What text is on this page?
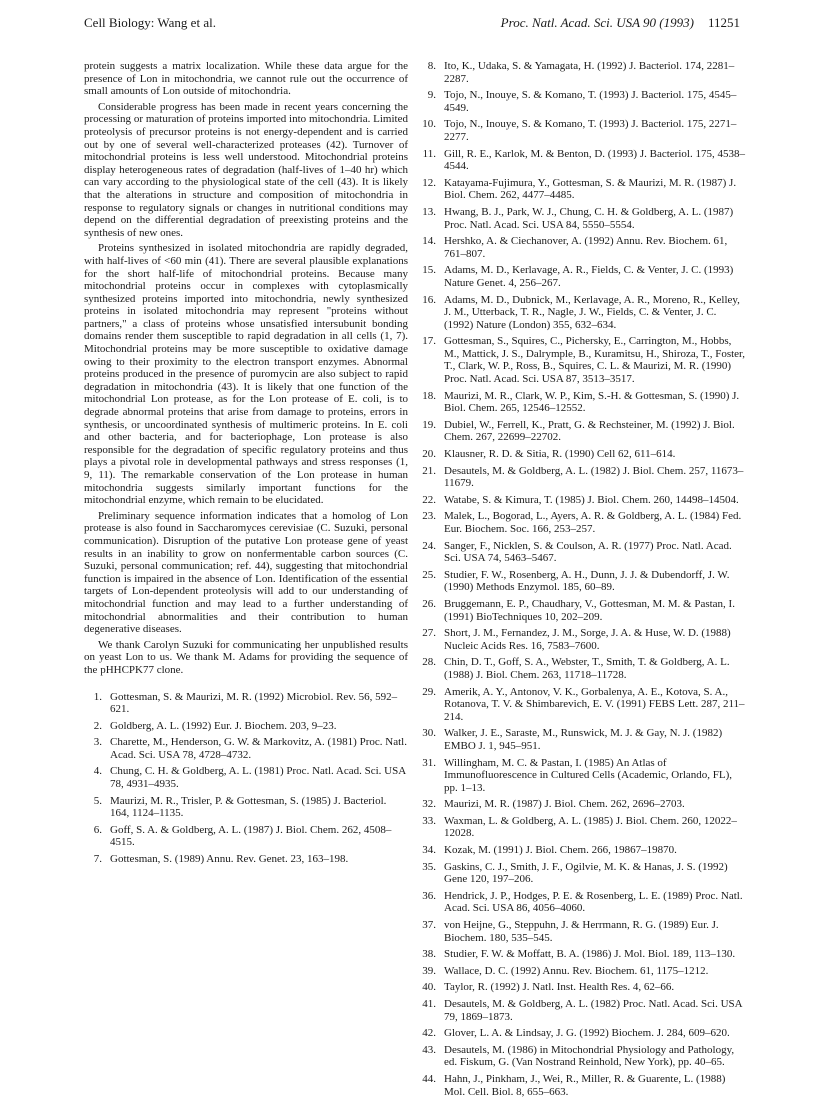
Cell Biology: Wang et al.	Proc. Natl. Acad. Sci. USA 90 (1993) 11251

protein suggests a matrix localization. While these data argue for the presence of Lon in mitochondria, we cannot rule out the occurrence of small amounts of Lon outside of mitochondria.

Considerable progress has been made in recent years concerning the processing or maturation of proteins imported into mitochondria. Limited proteolysis of precursor proteins is not energy-dependent and is carried out by one of several well-characterized proteases (42). Turnover of mitochondrial proteins is less well understood. Mitochondrial proteins display heterogeneous rates of degradation (half-lives of 1–40 hr) which can vary according to the physiological state of the cell (43). It is likely that the alterations in structure and composition of mitochondria in response to regulatory signals or changes in nutritional conditions may depend on the differential degradation of preexisting proteins and the synthesis of new ones.

Proteins synthesized in isolated mitochondria are rapidly degraded, with half-lives of <60 min (41). There are several plausible explanations for the short half-life of mitochondrial proteins. Because many mitochondrial proteins occur in complexes with cytoplasmically synthesized proteins imported into mitochondria, newly synthesized proteins in isolated mitochondria may represent "proteins without partners," a class of proteins whose unsatisfied intersubunit bonding domains render them susceptible to rapid degradation in all cells (1, 7). Mitochondrial proteins may be more susceptible to oxidative damage owing to their proximity to the electron transport enzymes. Abnormal proteins produced in the presence of puromycin are also subject to rapid degradation in mitochondria (43). It is likely that one function of the mitochondrial Lon protease, as for the Lon protease of E. coli, is to degrade abnormal proteins that arise from damage to proteins, errors in synthesis, or uncoordinated synthesis of multimeric proteins. In E. coli and other bacteria, and for bacteriophage, Lon protease is also responsible for the degradation of specific regulatory proteins and thus plays a pivotal role in developmental pathways and stress responses (1, 9, 11). The remarkable conservation of the Lon protease in human mitochondria suggests similarly important functions for the mitochondrial enzyme, which remain to be elucidated.

Preliminary sequence information indicates that a homolog of Lon protease is also found in Saccharomyces cerevisiae (C. Suzuki, personal communication). Disruption of the putative Lon protease gene of yeast results in an inability to grow on nonfermentable carbon sources (C. Suzuki, personal communication; ref. 44), suggesting that mitochondrial function is impaired in the absence of Lon. Identification of the essential targets of Lon-dependent proteolysis will add to our understanding of mitochondrial function and may lead to a further understanding of mitochondrial abnormalities and their contribution to human degenerative diseases.

We thank Carolyn Suzuki for communicating her unpublished results on yeast Lon to us. We thank M. Adams for providing the sequence of the pHHCPK77 clone.

1. Gottesman, S. & Maurizi, M. R. (1992) Microbiol. Rev. 56, 592–621.
2. Goldberg, A. L. (1992) Eur. J. Biochem. 203, 9–23.
3. Charette, M., Henderson, G. W. & Markovitz, A. (1981) Proc. Natl. Acad. Sci. USA 78, 4728–4732.
4. Chung, C. H. & Goldberg, A. L. (1981) Proc. Natl. Acad. Sci. USA 78, 4931–4935.
5. Maurizi, M. R., Trisler, P. & Gottesman, S. (1985) J. Bacteriol. 164, 1124–1135.
6. Goff, S. A. & Goldberg, A. L. (1987) J. Biol. Chem. 262, 4508–4515.
7. Gottesman, S. (1989) Annu. Rev. Genet. 23, 163–198.
8. Ito, K., Udaka, S. & Yamagata, H. (1992) J. Bacteriol. 174, 2281–2287.
9. Tojo, N., Inouye, S. & Komano, T. (1993) J. Bacteriol. 175, 4545–4549.
10. Tojo, N., Inouye, S. & Komano, T. (1993) J. Bacteriol. 175, 2271–2277.
11. Gill, R. E., Karlok, M. & Benton, D. (1993) J. Bacteriol. 175, 4538–4544.
12. Katayama-Fujimura, Y., Gottesman, S. & Maurizi, M. R. (1987) J. Biol. Chem. 262, 4477–4485.
13. Hwang, B. J., Park, W. J., Chung, C. H. & Goldberg, A. L. (1987) Proc. Natl. Acad. Sci. USA 84, 5550–5554.
14. Hershko, A. & Ciechanover, A. (1992) Annu. Rev. Biochem. 61, 761–807.
15. Adams, M. D., Kerlavage, A. R., Fields, C. & Venter, J. C. (1993) Nature Genet. 4, 256–267.
16. Adams, M. D., Dubnick, M., Kerlavage, A. R., Moreno, R., Kelley, J. M., Utterback, T. R., Nagle, J. W., Fields, C. & Venter, J. C. (1992) Nature (London) 355, 632–634.
17. Gottesman, S., Squires, C., Pichersky, E., Carrington, M., Hobbs, M., Mattick, J. S., Dalrymple, B., Kuramitsu, H., Shiroza, T., Foster, T., Clark, W. P., Ross, B., Squires, C. L. & Maurizi, M. R. (1990) Proc. Natl. Acad. Sci. USA 87, 3513–3517.
18. Maurizi, M. R., Clark, W. P., Kim, S.-H. & Gottesman, S. (1990) J. Biol. Chem. 265, 12546–12552.
19. Dubiel, W., Ferrell, K., Pratt, G. & Rechsteiner, M. (1992) J. Biol. Chem. 267, 22699–22702.
20. Klausner, R. D. & Sitia, R. (1990) Cell 62, 611–614.
21. Desautels, M. & Goldberg, A. L. (1982) J. Biol. Chem. 257, 11673–11679.
22. Watabe, S. & Kimura, T. (1985) J. Biol. Chem. 260, 14498–14504.
23. Malek, L., Bogorad, L., Ayers, A. R. & Goldberg, A. L. (1984) Fed. Eur. Biochem. Soc. 166, 253–257.
24. Sanger, F., Nicklen, S. & Coulson, A. R. (1977) Proc. Natl. Acad. Sci. USA 74, 5463–5467.
25. Studier, F. W., Rosenberg, A. H., Dunn, J. J. & Dubendorff, J. W. (1990) Methods Enzymol. 185, 60–89.
26. Bruggemann, E. P., Chaudhary, V., Gottesman, M. M. & Pastan, I. (1991) BioTechniques 10, 202–209.
27. Short, J. M., Fernandez, J. M., Sorge, J. A. & Huse, W. D. (1988) Nucleic Acids Res. 16, 7583–7600.
28. Chin, D. T., Goff, S. A., Webster, T., Smith, T. & Goldberg, A. L. (1988) J. Biol. Chem. 263, 11718–11728.
29. Amerik, A. Y., Antonov, V. K., Gorbalenya, A. E., Kotova, S. A., Rotanova, T. V. & Shimbarevich, E. V. (1991) FEBS Lett. 287, 211–214.
30. Walker, J. E., Saraste, M., Runswick, M. J. & Gay, N. J. (1982) EMBO J. 1, 945–951.
31. Willingham, M. C. & Pastan, I. (1985) An Atlas of Immunofluorescence in Cultured Cells (Academic, Orlando, FL), pp. 1–13.
32. Maurizi, M. R. (1987) J. Biol. Chem. 262, 2696–2703.
33. Waxman, L. & Goldberg, A. L. (1985) J. Biol. Chem. 260, 12022–12028.
34. Kozak, M. (1991) J. Biol. Chem. 266, 19867–19870.
35. Gaskins, C. J., Smith, J. F., Ogilvie, M. K. & Hanas, J. S. (1992) Gene 120, 197–206.
36. Hendrick, J. P., Hodges, P. E. & Rosenberg, L. E. (1989) Proc. Natl. Acad. Sci. USA 86, 4056–4060.
37. von Heijne, G., Steppuhn, J. & Herrmann, R. G. (1989) Eur. J. Biochem. 180, 535–545.
38. Studier, F. W. & Moffatt, B. A. (1986) J. Mol. Biol. 189, 113–130.
39. Wallace, D. C. (1992) Annu. Rev. Biochem. 61, 1175–1212.
40. Taylor, R. (1992) J. Natl. Inst. Health Res. 4, 62–66.
41. Desautels, M. & Goldberg, A. L. (1982) Proc. Natl. Acad. Sci. USA 79, 1869–1873.
42. Glover, L. A. & Lindsay, J. G. (1992) Biochem. J. 284, 609–620.
43. Desautels, M. (1986) in Mitochondrial Physiology and Pathology, ed. Fiskum, G. (Van Nostrand Reinhold, New York), pp. 40–65.
44. Hahn, J., Pinkham, J., Wei, R., Miller, R. & Guarente, L. (1988) Mol. Cell. Biol. 8, 655–663.
